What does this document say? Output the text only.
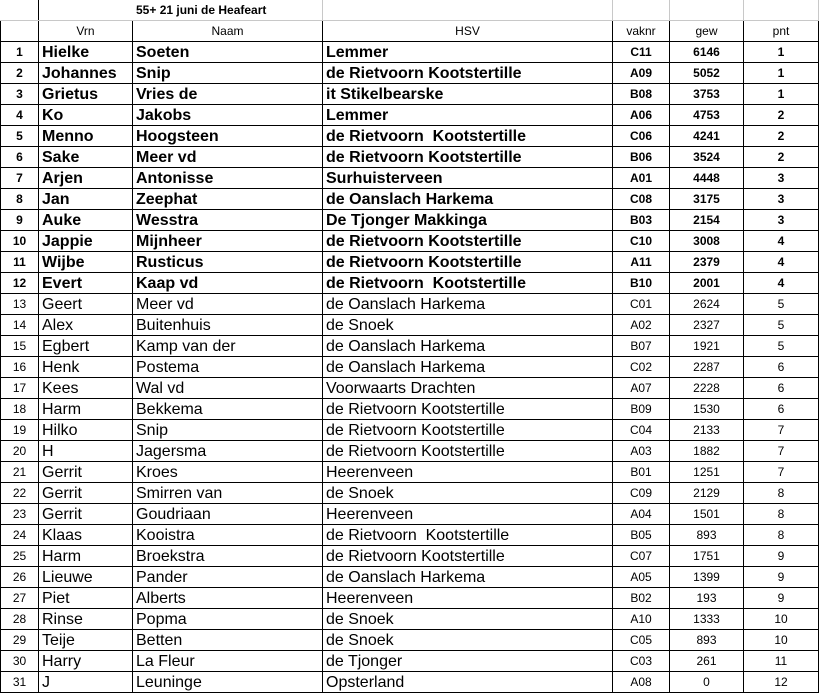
	55+ 21 juni de Heafeart					
	Vrn	Naam	HSV	vaknr	gew	pnt
1	Hielke	Soeten	Lemmer	C11	6146	1
2	Johannes	Snip	de Rietvoorn Kootstertille	A09	5052	1
3	Grietus	Vries de	it Stikelbearske	B08	3753	1
4	Ko	Jakobs	Lemmer	A06	4753	2
5	Menno	Hoogsteen	de Rietvoorn  Kootstertille	C06	4241	2
6	Sake	Meer vd	de Rietvoorn Kootstertille	B06	3524	2
7	Arjen	Antonisse	Surhuisterveen	A01	4448	3
8	Jan	Zeephat	de Oanslach Harkema	C08	3175	3
9	Auke	Wesstra	De Tjonger Makkinga	B03	2154	3
10	Jappie	Mijnheer	de Rietvoorn Kootstertille	C10	3008	4
11	Wijbe	Rusticus	de Rietvoorn Kootstertille	A11	2379	4
12	Evert	Kaap vd	de Rietvoorn  Kootstertille	B10	2001	4
13	Geert	Meer vd	de Oanslach Harkema	C01	2624	5
14	Alex	Buitenhuis	de Snoek	A02	2327	5
15	Egbert	Kamp van der	de Oanslach Harkema	B07	1921	5
16	Henk	Postema	de Oanslach Harkema	C02	2287	6
17	Kees	Wal vd	Voorwaarts Drachten	A07	2228	6
18	Harm	Bekkema	de Rietvoorn Kootstertille	B09	1530	6
19	Hilko	Snip	de Rietvoorn Kootstertille	C04	2133	7
20	H	Jagersma	de Rietvoorn Kootstertille	A03	1882	7
21	Gerrit	Kroes	Heerenveen	B01	1251	7
22	Gerrit	Smirren van	de Snoek	C09	2129	8
23	Gerrit	Goudriaan	Heerenveen	A04	1501	8
24	Klaas	Kooistra	de Rietvoorn  Kootstertille	B05	893	8
25	Harm	Broekstra	de Rietvoorn Kootstertille	C07	1751	9
26	Lieuwe	Pander	de Oanslach Harkema	A05	1399	9
27	Piet	Alberts	Heerenveen	B02	193	9
28	Rinse	Popma	de Snoek	A10	1333	10
29	Teije	Betten	de Snoek	C05	893	10
30	Harry	La Fleur	de Tjonger	C03	261	11
31	J	Leuninge	Opsterland	A08	0	12
